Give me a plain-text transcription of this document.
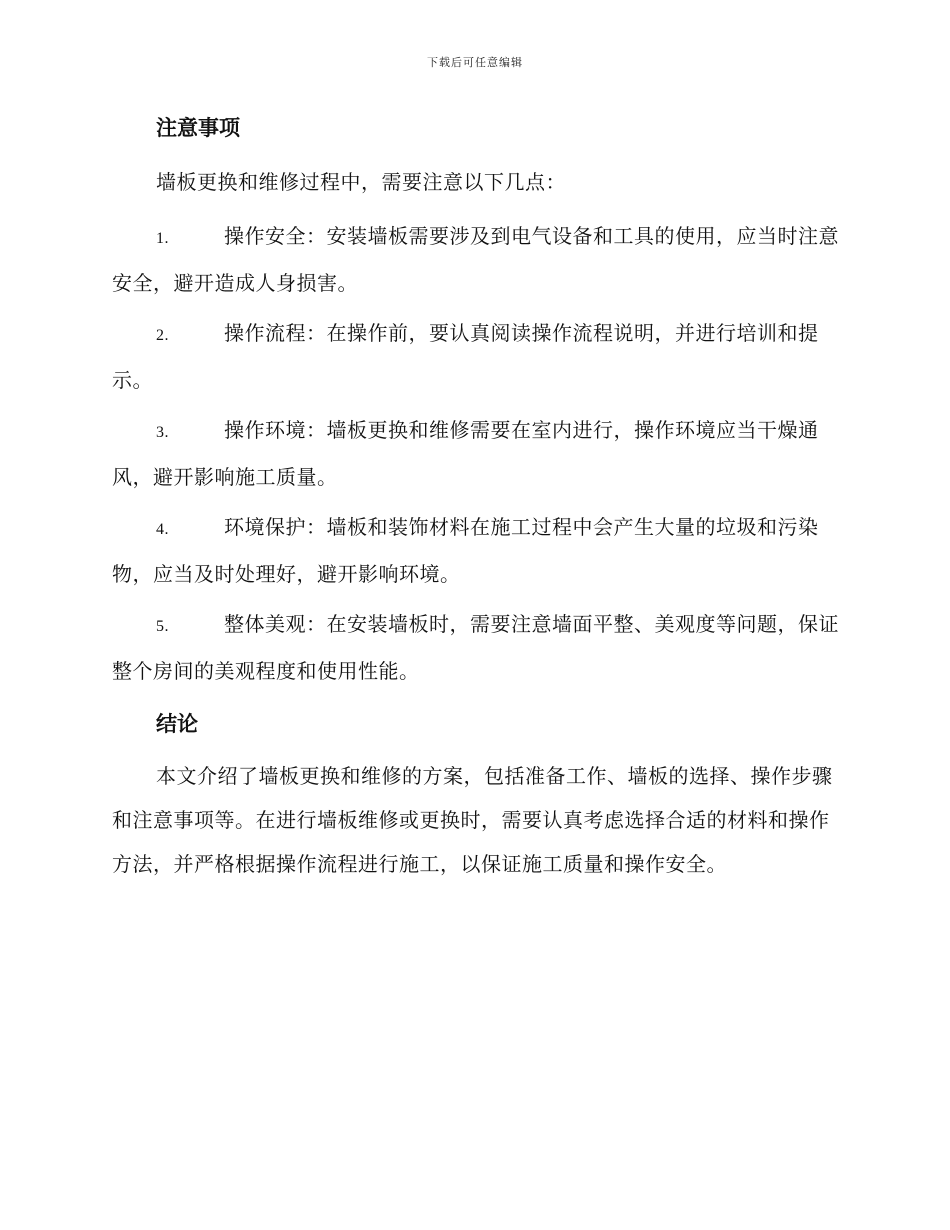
下载后可任意编辑
注意事项
墙板更换和维修过程中，需要注意以下几点：
1.	操作安全：安装墙板需要涉及到电气设备和工具的使用，应当时注意安全，避开造成人身损害。
2.	操作流程：在操作前，要认真阅读操作流程说明，并进行培训和提示。
3.	操作环境：墙板更换和维修需要在室内进行，操作环境应当干燥通风，避开影响施工质量。
4.	环境保护：墙板和装饰材料在施工过程中会产生大量的垃圾和污染物，应当及时处理好，避开影响环境。
5.	整体美观：在安装墙板时，需要注意墙面平整、美观度等问题，保证整个房间的美观程度和使用性能。
结论
本文介绍了墙板更换和维修的方案，包括准备工作、墙板的选择、操作步骤和注意事项等。在进行墙板维修或更换时，需要认真考虑选择合适的材料和操作方法，并严格根据操作流程进行施工，以保证施工质量和操作安全。
